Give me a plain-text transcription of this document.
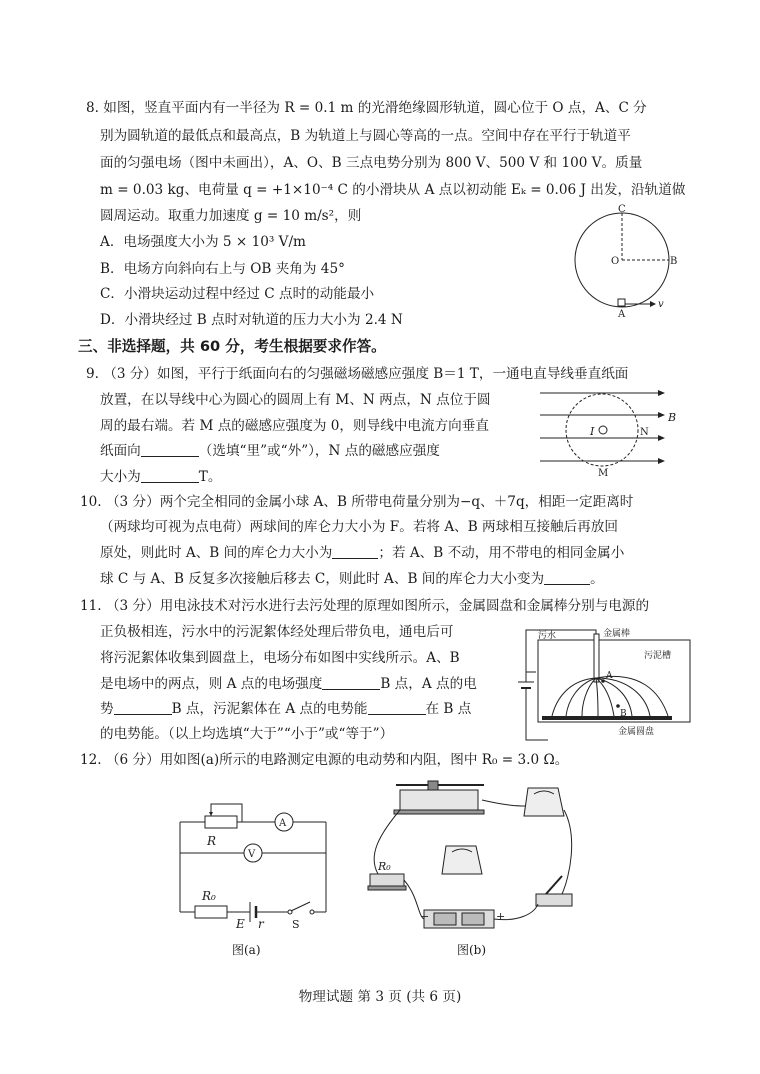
8. 如图，竖直平面内有一半径为 R = 0.1 m 的光滑绝缘圆形轨道，圆心位于 O 点，A、C 分
别为圆轨道的最低点和最高点，B 为轨道上与圆心等高的一点。空间中存在平行于轨道平
面的匀强电场（图中未画出），A、O、B 三点电势分别为 800 V、500 V 和 100 V。质量
m = 0.03 kg、电荷量 q = +1×10⁻⁴ C 的小滑块从 A 点以初动能 Eₖ = 0.06 J 出发，沿轨道做
圆周运动。取重力加速度 g = 10 m/s²，则
A．电场强度大小为 5 × 10³ V/m
B．电场方向斜向右上与 OB 夹角为 45°
C．小滑块运动过程中经过 C 点时的动能最小
D．小滑块经过 B 点时对轨道的压力大小为 2.4 N
C
O	B
A
v
三、非选择题，共 60 分，考生根据要求作答。
9. （3 分）如图，平行于纸面向右的匀强磁场磁感应强度 B＝1 T，一通电直导线垂直纸面
放置，在以导线中心为圆心的圆周上有 M、N 两点，N 点位于圆
周的最右端。若 M 点的磁感应强度为 0，则导线中电流方向垂直
纸面向	（选填“里”或“外”），N 点的磁感应强度
大小为	T。
I	N
B
M
10. （3 分）两个完全相同的金属小球 A、B 所带电荷量分别为−q、＋7q，相距一定距离时
（两球均可视为点电荷）两球间的库仑力大小为 F。若将 A、B 两球相互接触后再放回
原处，则此时 A、B 间的库仑力大小为	；若 A、B 不动，用不带电的相同金属小
球 C 与 A、B 反复多次接触后移去 C，则此时 A、B 间的库仑力大小变为	。
11. （3 分）用电泳技术对污水进行去污处理的原理如图所示，金属圆盘和金属棒分别与电源的
正负极相连，污水中的污泥絮体经处理后带负电，通电后可
将污泥絮体收集到圆盘上，电场分布如图中实线所示。A、B
是电场中的两点，则 A 点的电场强度	B 点，A 点的电
势	B 点，污泥絮体在 A 点的电势能	在 B 点
的电势能。（以上均选填“大于”“小于”或“等于”）
污水	金属棒
污泥槽
A
B
金属圆盘
12. （6 分）用如图(a)所示的电路测定电源的电动势和内阻，图中 R₀ = 3.0 Ω。
R
A
V
R₀
E r	S
图(a)
R₀
−	+
图(b)
物理试题 第 3 页 (共 6 页)
